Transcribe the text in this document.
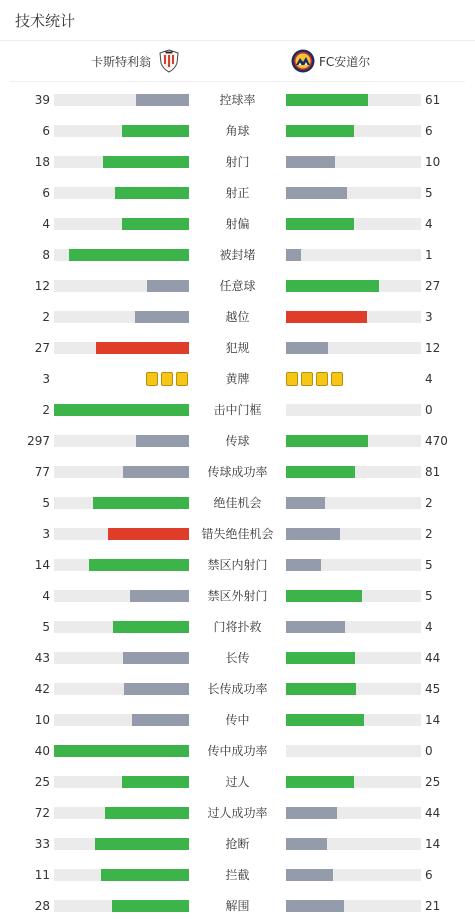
技术统计
卡斯特利翁	FC安道尔
39	控球率	61
6	角球	6
18	射门	10
6	射正	5
4	射偏	4
8	被封堵	1
12	任意球	27
2	越位	3
27	犯规	12
3	黄牌	4
2	击中门框	0
297	传球	470
77	传球成功率	81
5	绝佳机会	2
3	错失绝佳机会	2
14	禁区内射门	5
4	禁区外射门	5
5	门将扑救	4
43	长传	44
42	长传成功率	45
10	传中	14
40	传中成功率	0
25	过人	25
72	过人成功率	44
33	抢断	14
11	拦截	6
28	解围	21
